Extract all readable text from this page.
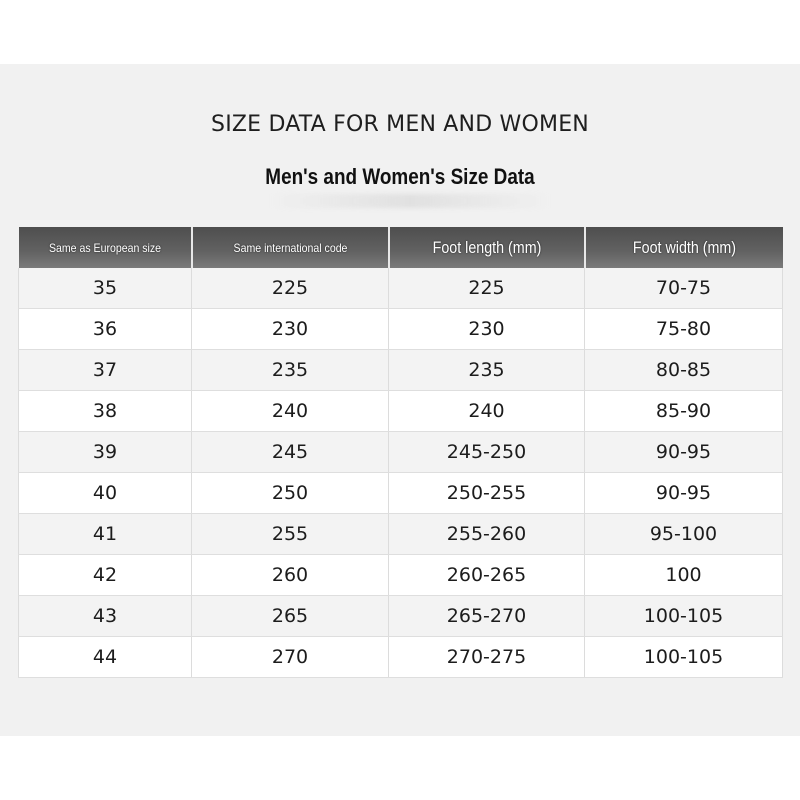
SIZE DATA FOR MEN AND WOMEN
Men's and Women's Size Data
Same as European size	Same international code	Foot length (mm)	Foot width (mm)

35	225	225	70-75
36	230	230	75-80
37	235	235	80-85
38	240	240	85-90
39	245	245-250	90-95
40	250	250-255	90-95
41	255	255-260	95-100
42	260	260-265	100
43	265	265-270	100-105
44	270	270-275	100-105
